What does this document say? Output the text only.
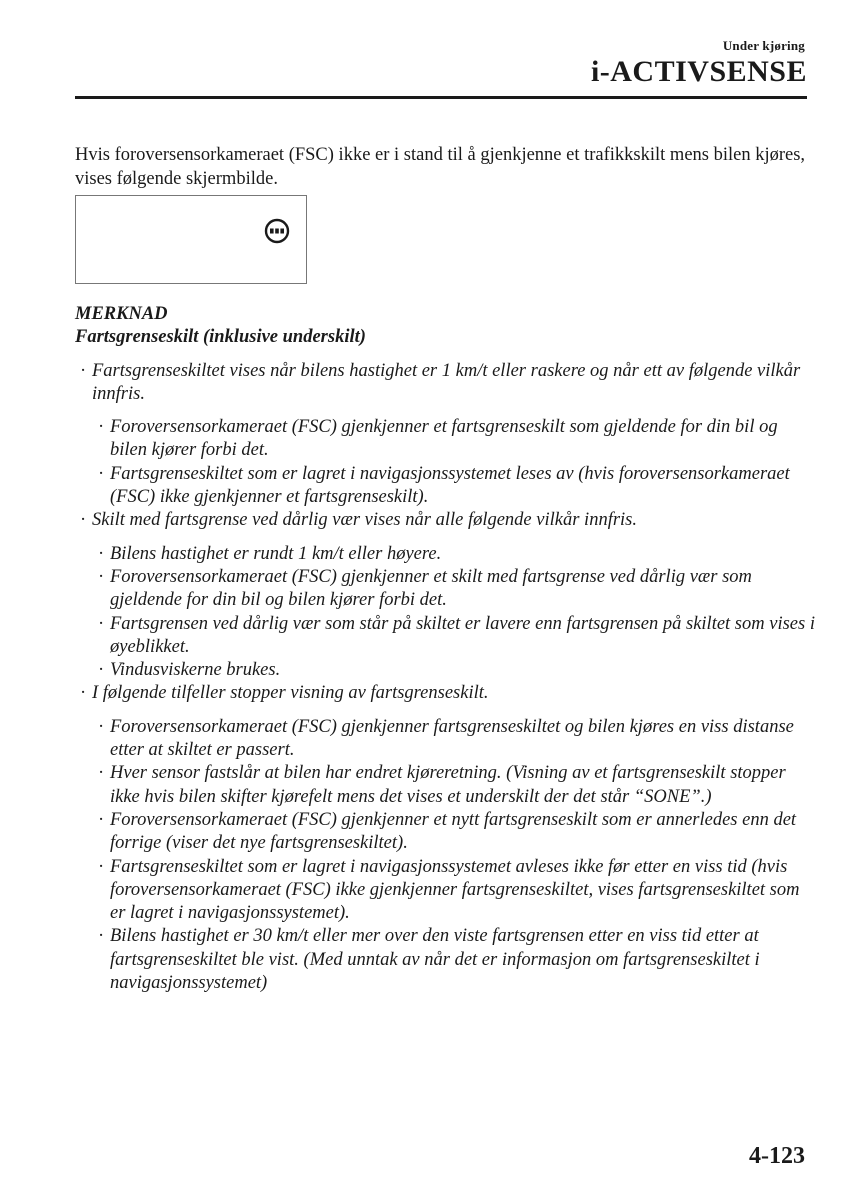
Under kjøring
i-ACTIVSENSE
Hvis foroversensorkameraet (FSC) ikke er i stand til å gjenkjenne et trafikkskilt mens bilen kjøres, vises følgende skjermbilde.
MERKNAD
Fartsgrenseskilt (inklusive underskilt)
· Fartsgrenseskiltet vises når bilens hastighet er 1 km/t eller raskere og når ett av følgende vilkår innfris.
· Foroversensorkameraet (FSC) gjenkjenner et fartsgrenseskilt som gjeldende for din bil og bilen kjører forbi det.
· Fartsgrenseskiltet som er lagret i navigasjonssystemet leses av (hvis foroversensorkameraet (FSC) ikke gjenkjenner et fartsgrenseskilt).
· Skilt med fartsgrense ved dårlig vær vises når alle følgende vilkår innfris.
· Bilens hastighet er rundt 1 km/t eller høyere.
· Foroversensorkameraet (FSC) gjenkjenner et skilt med fartsgrense ved dårlig vær som gjeldende for din bil og bilen kjører forbi det.
· Fartsgrensen ved dårlig vær som står på skiltet er lavere enn fartsgrensen på skiltet som vises i øyeblikket.
· Vindusviskerne brukes.
· I følgende tilfeller stopper visning av fartsgrenseskilt.
· Foroversensorkameraet (FSC) gjenkjenner fartsgrenseskiltet og bilen kjøres en viss distanse etter at skiltet er passert.
· Hver sensor fastslår at bilen har endret kjøreretning. (Visning av et fartsgrenseskilt stopper ikke hvis bilen skifter kjørefelt mens det vises et underskilt der det står “SONE”.)
· Foroversensorkameraet (FSC) gjenkjenner et nytt fartsgrenseskilt som er annerledes enn det forrige (viser det nye fartsgrenseskiltet).
· Fartsgrenseskiltet som er lagret i navigasjonssystemet avleses ikke før etter en viss tid (hvis foroversensorkameraet (FSC) ikke gjenkjenner fartsgrenseskiltet, vises fartsgrenseskiltet som er lagret i navigasjonssystemet).
· Bilens hastighet er 30 km/t eller mer over den viste fartsgrensen etter en viss tid etter at fartsgrenseskiltet ble vist. (Med unntak av når det er informasjon om fartsgrenseskiltet i navigasjonssystemet)
4-123
